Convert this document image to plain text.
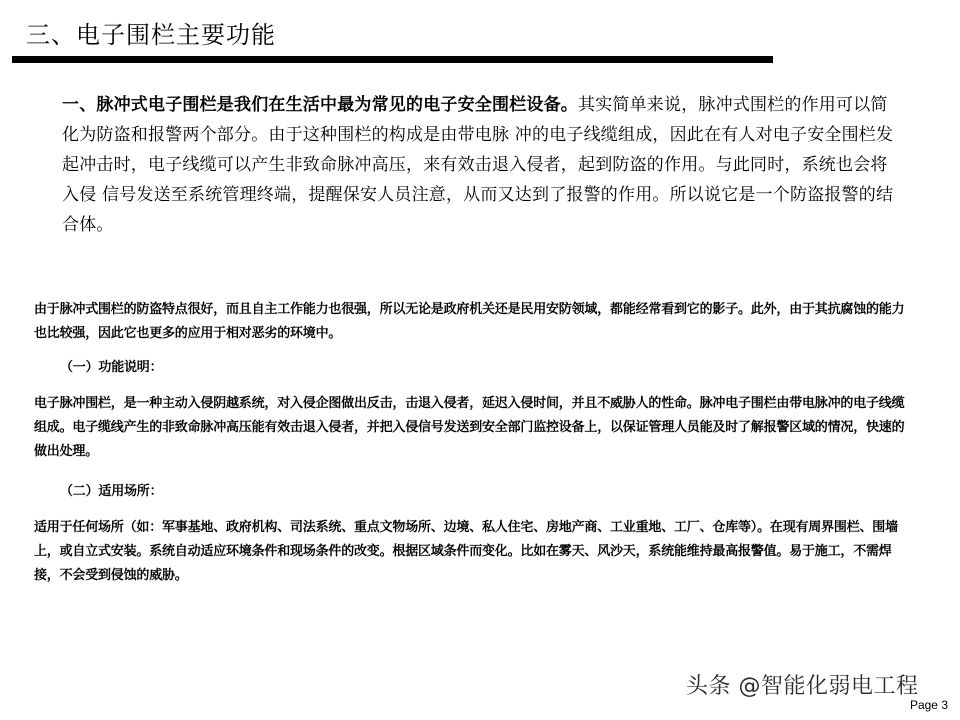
三、电子围栏主要功能
一、脉冲式电子围栏是我们在生活中最为常见的电子安全围栏设备。其实简单来说，脉冲式围栏的作用可以简化为防盗和报警两个部分。由于这种围栏的构成是由带电脉 冲的电子线缆组成，因此在有人对电子安全围栏发起冲击时，电子线缆可以产生非致命脉冲高压，来有效击退入侵者，起到防盗的作用。与此同时，系统也会将入侵 信号发送至系统管理终端，提醒保安人员注意，从而又达到了报警的作用。所以说它是一个防盗报警的结合体。

由于脉冲式围栏的防盗特点很好，而且自主工作能力也很强，所以无论是政府机关还是民用安防领域，都能经常看到它的影子。此外，由于其抗腐蚀的能力也比较强，因此它也更多的应用于相对恶劣的环境中。

（一）功能说明：

电子脉冲围栏，是一种主动入侵阴越系统，对入侵企图做出反击，击退入侵者，延迟入侵时间，并且不威胁人的性命。脉冲电子围栏由带电脉冲的电子线缆组成。电子缆线产生的非致命脉冲高压能有效击退入侵者，并把入侵信号发送到安全部门监控设备上，以保证管理人员能及时了解报警区域的情况，快速的做出处理。

（二）适用场所：

适用于任何场所（如：军事基地、政府机构、司法系统、重点文物场所、边境、私人住宅、房地产商、工业重地、工厂、仓库等）。在现有周界围栏、围墙上，或自立式安装。系统自动适应环境条件和现场条件的改变。根据区域条件而变化。比如在雾天、风沙天，系统能维持最高报警值。易于施工，不需焊接，不会受到侵蚀的威胁。

头条 @智能化弱电工程
Page 3
